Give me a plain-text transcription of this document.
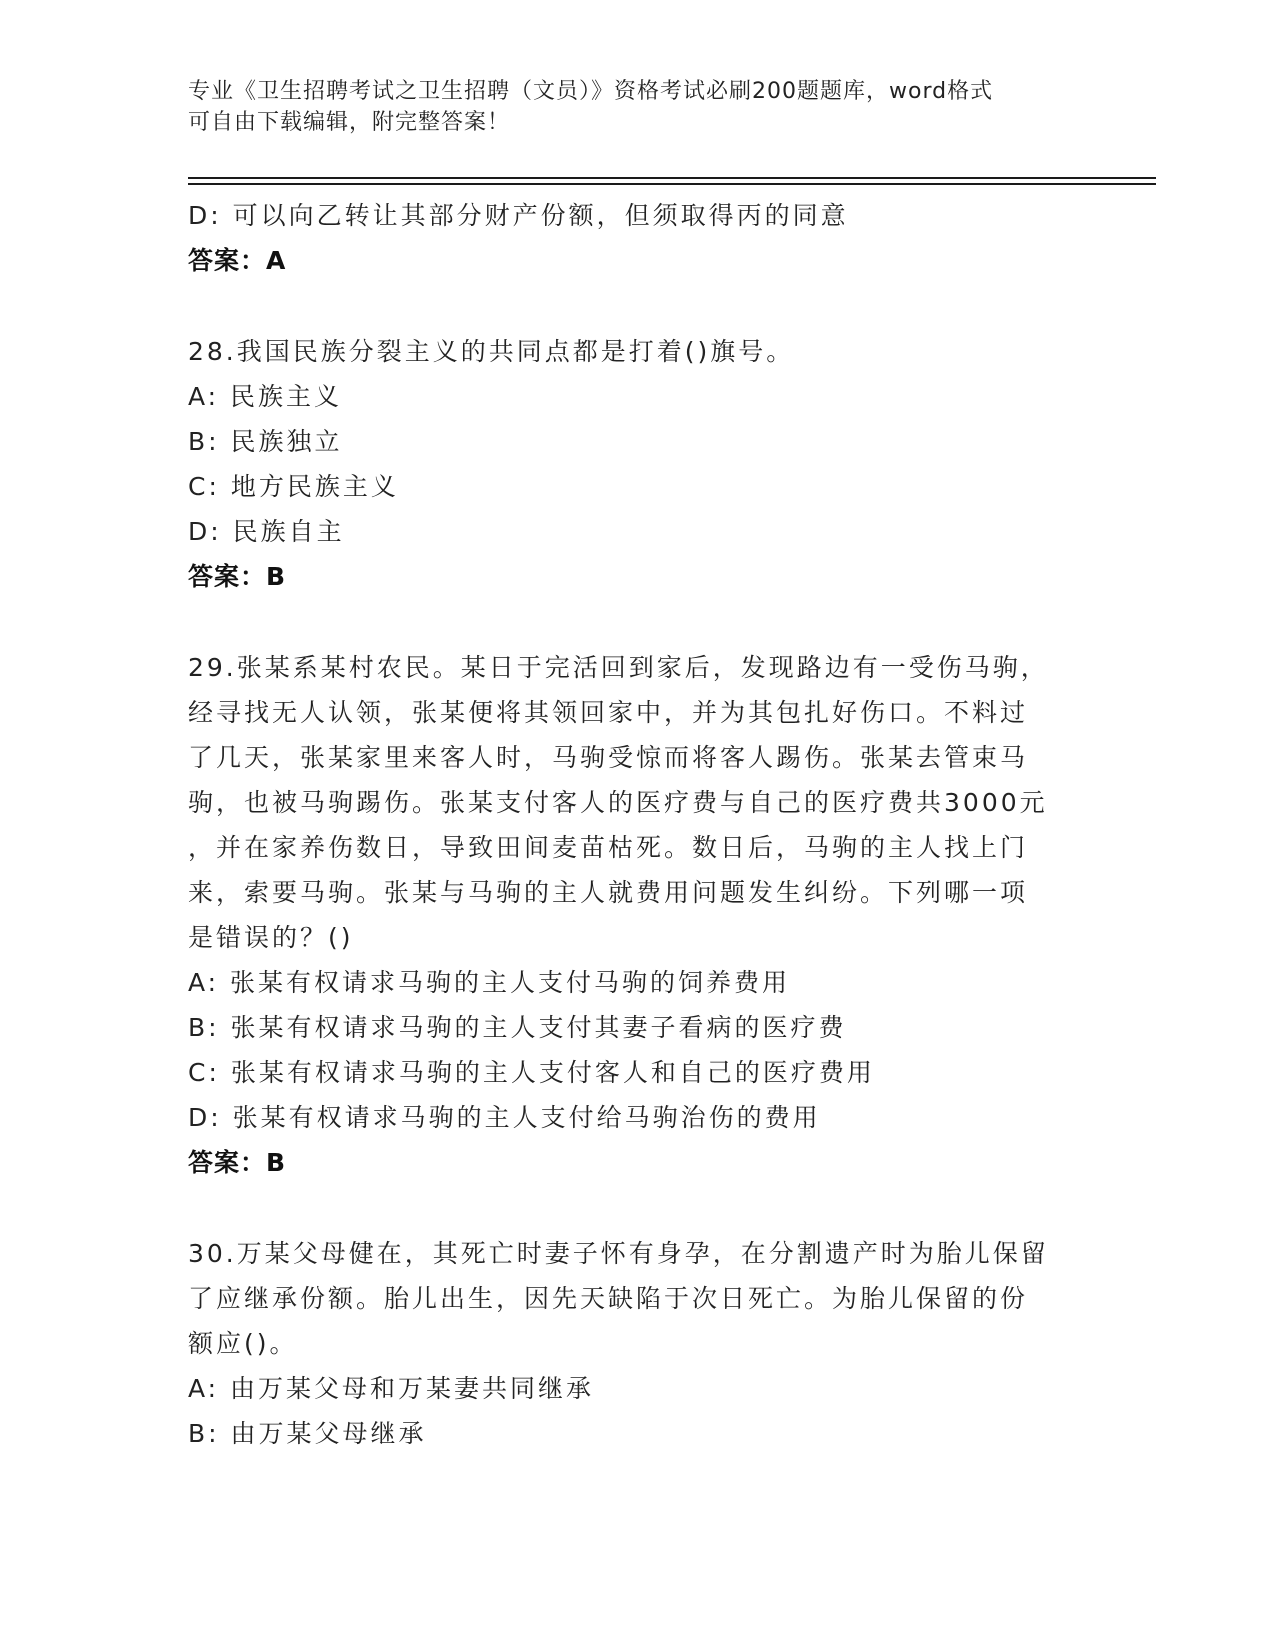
专业《卫生招聘考试之卫生招聘（文员）》资格考试必刷200题题库，word格式
可自由下载编辑，附完整答案！
D: 可以向乙转让其部分财产份额，但须取得丙的同意
答案：A
28.我国民族分裂主义的共同点都是打着()旗号。
A: 民族主义
B: 民族独立
C: 地方民族主义
D: 民族自主
答案：B
29.张某系某村农民。某日于完活回到家后，发现路边有一受伤马驹，
经寻找无人认领，张某便将其领回家中，并为其包扎好伤口。不料过
了几天，张某家里来客人时，马驹受惊而将客人踢伤。张某去管束马
驹，也被马驹踢伤。张某支付客人的医疗费与自己的医疗费共3000元
，并在家养伤数日，导致田间麦苗枯死。数日后，马驹的主人找上门
来，索要马驹。张某与马驹的主人就费用问题发生纠纷。下列哪一项
是错误的？()
A: 张某有权请求马驹的主人支付马驹的饲养费用
B: 张某有权请求马驹的主人支付其妻子看病的医疗费
C: 张某有权请求马驹的主人支付客人和自己的医疗费用
D: 张某有权请求马驹的主人支付给马驹治伤的费用
答案：B
30.万某父母健在，其死亡时妻子怀有身孕，在分割遗产时为胎儿保留
了应继承份额。胎儿出生，因先天缺陷于次日死亡。为胎儿保留的份
额应()。
A: 由万某父母和万某妻共同继承
B: 由万某父母继承
